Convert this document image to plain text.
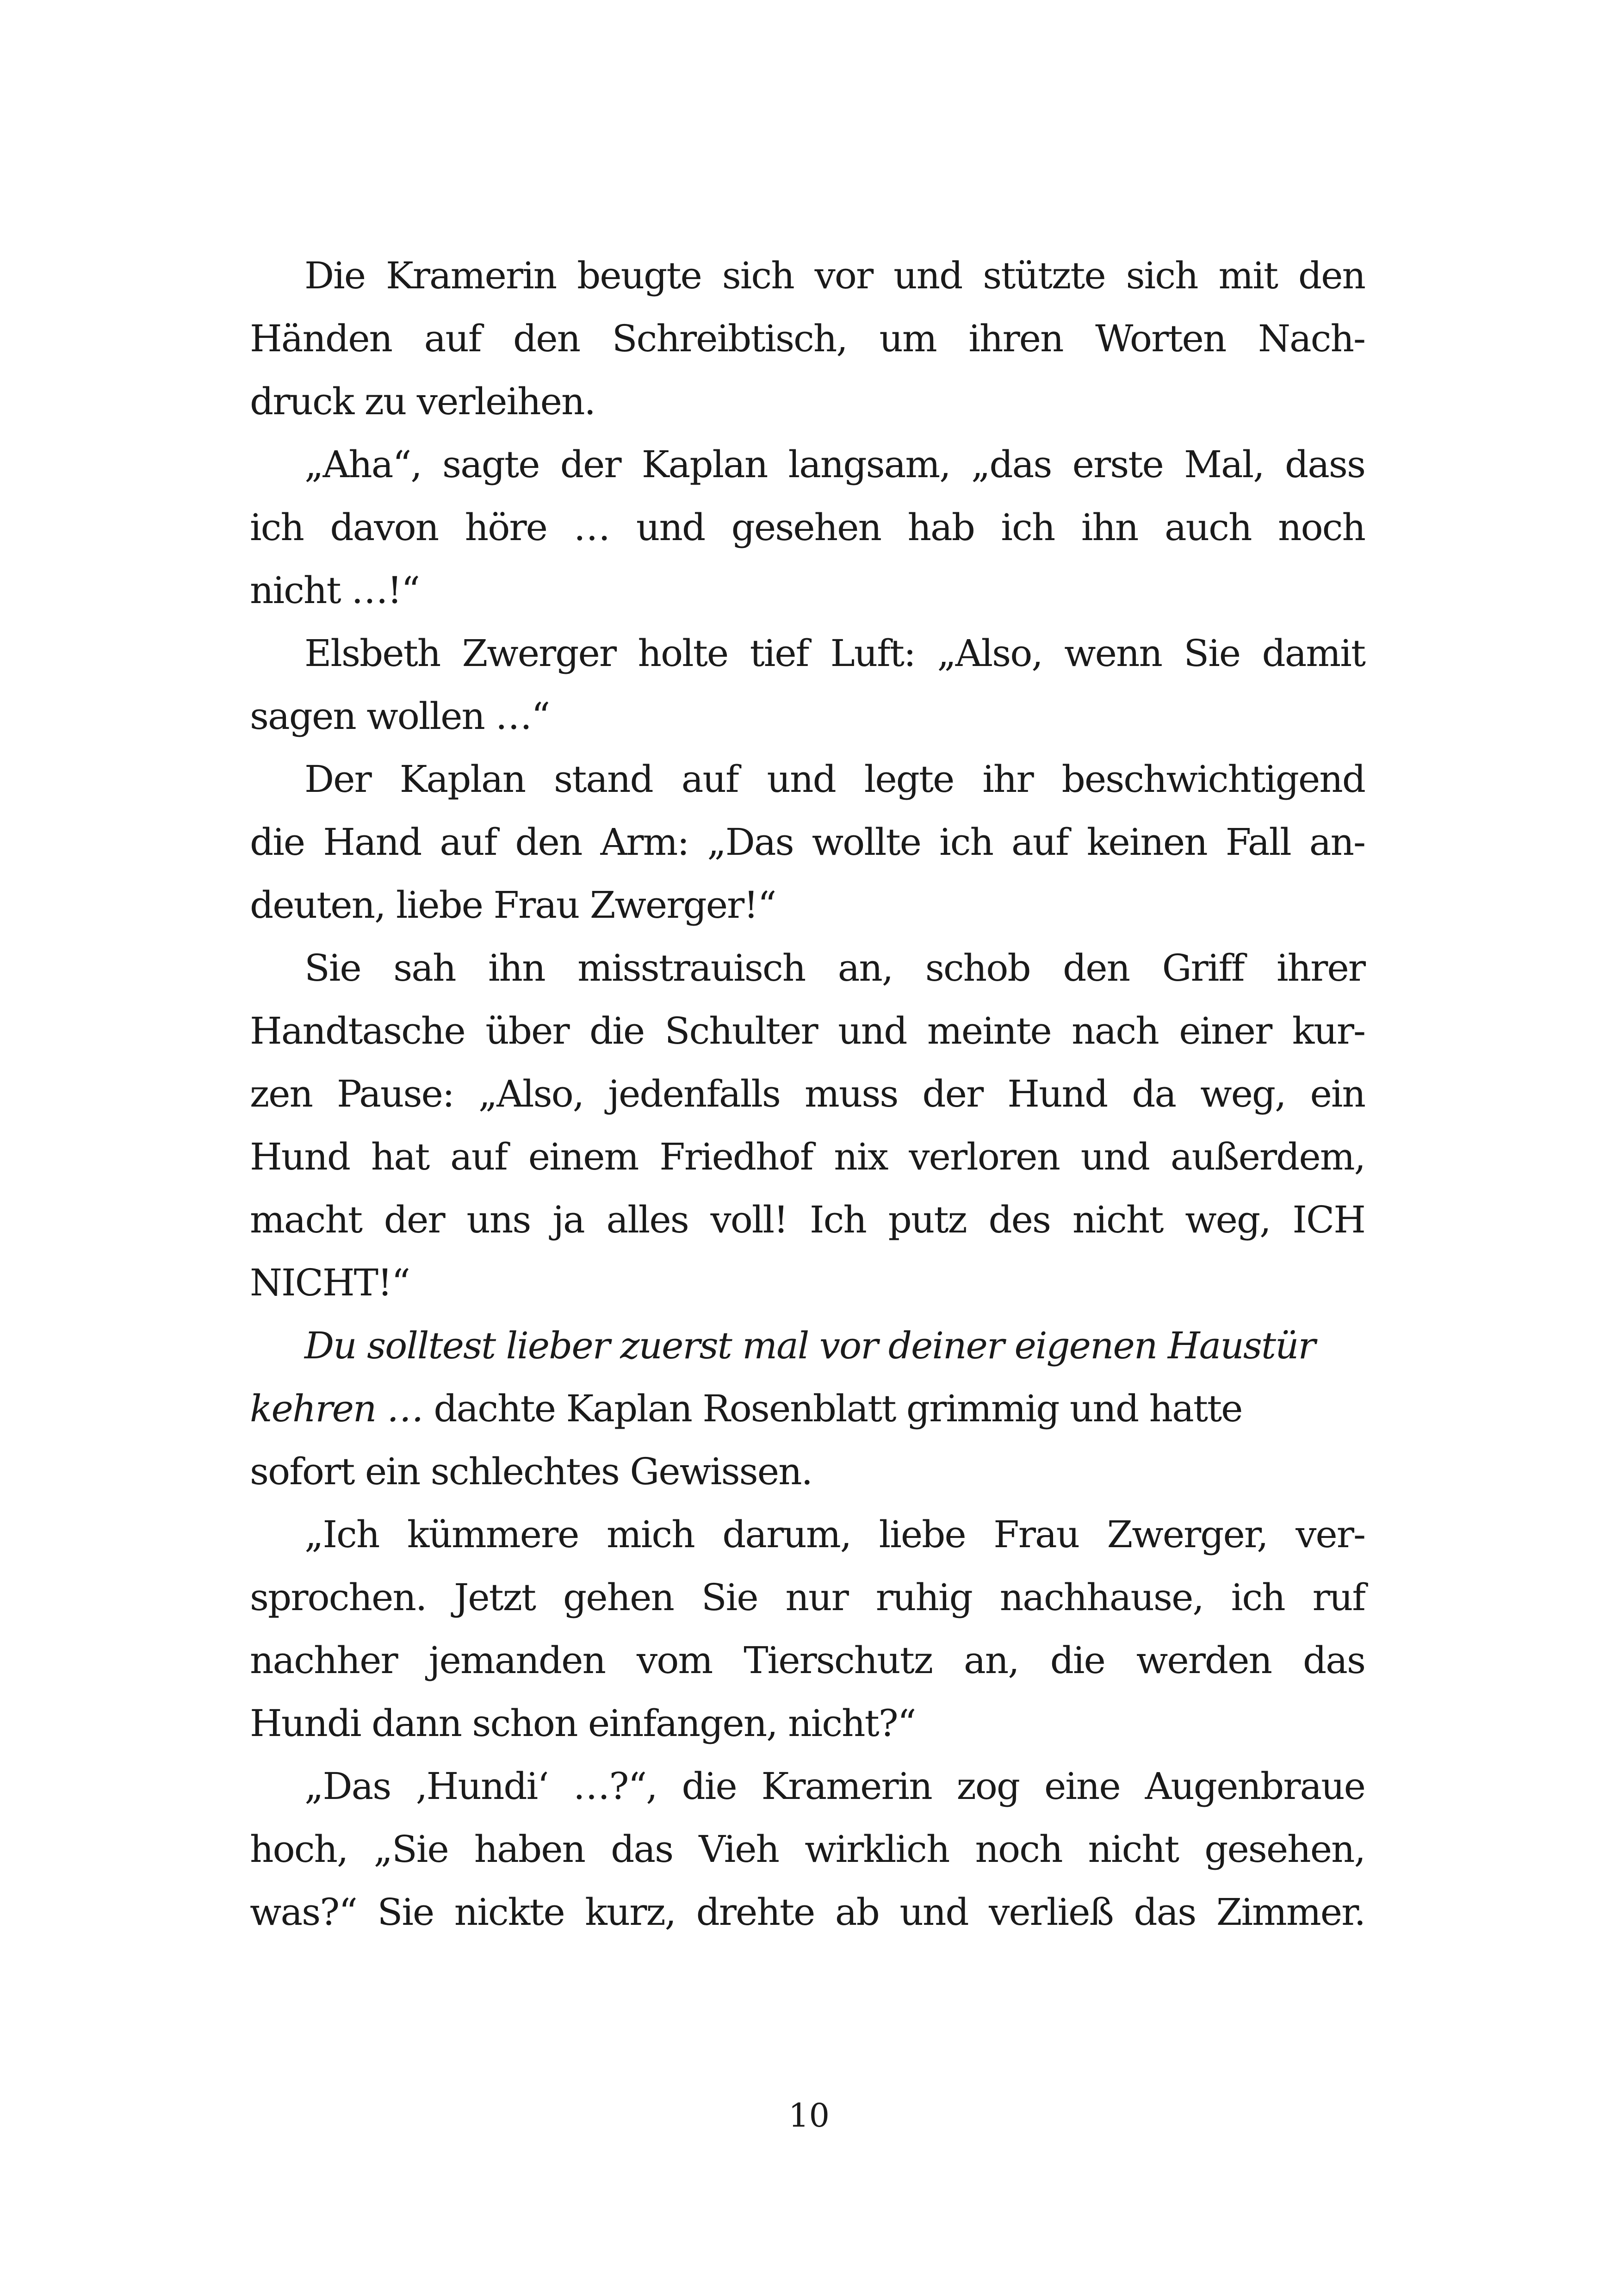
Die Kramerin beugte sich vor und stützte sich mit den
Händen auf den Schreibtisch, um ihren Worten Nach-
druck zu verleihen.
„Aha“, sagte der Kaplan langsam, „das erste Mal, dass
ich davon höre … und gesehen hab ich ihn auch noch
nicht …!“
Elsbeth Zwerger holte tief Luft: „Also, wenn Sie damit
sagen wollen …“
Der Kaplan stand auf und legte ihr beschwichtigend
die Hand auf den Arm: „Das wollte ich auf keinen Fall an-
deuten, liebe Frau Zwerger!“
Sie sah ihn misstrauisch an, schob den Griff ihrer
Handtasche über die Schulter und meinte nach einer kur-
zen Pause: „Also, jedenfalls muss der Hund da weg, ein
Hund hat auf einem Friedhof nix verloren und außerdem,
macht der uns ja alles voll! Ich putz des nicht weg, ICH
NICHT!“
Du solltest lieber zuerst mal vor deiner eigenen Haustür
kehren … dachte Kaplan Rosenblatt grimmig und hatte
sofort ein schlechtes Gewissen.
„Ich kümmere mich darum, liebe Frau Zwerger, ver-
sprochen. Jetzt gehen Sie nur ruhig nachhause, ich ruf
nachher jemanden vom Tierschutz an, die werden das
Hundi dann schon einfangen, nicht?“
„Das ‚Hundi‘ …?“, die Kramerin zog eine Augenbraue
hoch, „Sie haben das Vieh wirklich noch nicht gesehen,
was?“ Sie nickte kurz, drehte ab und verließ das Zimmer.
10
